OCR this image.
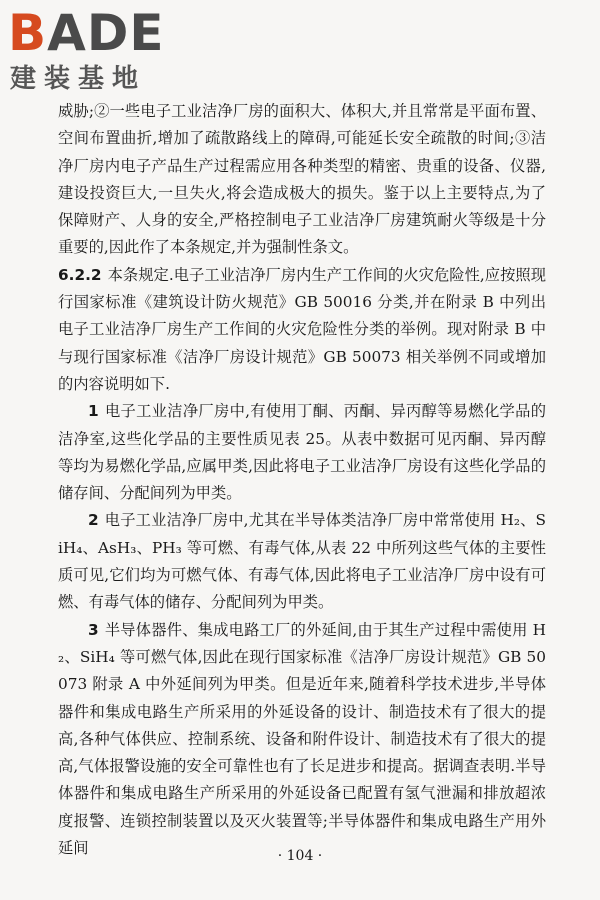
BADE
建装基地

威胁;②一些电子工业洁净厂房的面积大、体积大,并且常常是平面布置、空间布置曲折,增加了疏散路线上的障碍,可能延长安全疏散的时间;③洁净厂房内电子产品生产过程需应用各种类型的精密、贵重的设备、仪器,建设投资巨大,一旦失火,将会造成极大的损失。鉴于以上主要特点,为了保障财产、人身的安全,严格控制电子工业洁净厂房建筑耐火等级是十分重要的,因此作了本条规定,并为强制性条文。

6.2.2 本条规定.电子工业洁净厂房内生产工作间的火灾危险性,应按照现行国家标准《建筑设计防火规范》GB 50016 分类,并在附录 B 中列出电子工业洁净厂房生产工作间的火灾危险性分类的举例。现对附录 B 中与现行国家标准《洁净厂房设计规范》GB 50073 相关举例不同或增加的内容说明如下.

1 电子工业洁净厂房中,有使用丁酮、丙酮、异丙醇等易燃化学品的洁净室,这些化学品的主要性质见表 25。从表中数据可见丙酮、异丙醇等均为易燃化学品,应属甲类,因此将电子工业洁净厂房设有这些化学品的储存间、分配间列为甲类。

2 电子工业洁净厂房中,尤其在半导体类洁净厂房中常常使用 H₂、SiH₄、AsH₃、PH₃ 等可燃、有毒气体,从表 22 中所列这些气体的主要性质可见,它们均为可燃气体、有毒气体,因此将电子工业洁净厂房中设有可燃、有毒气体的储存、分配间列为甲类。

3 半导体器件、集成电路工厂的外延间,由于其生产过程中需使用 H₂、SiH₄ 等可燃气体,因此在现行国家标准《洁净厂房设计规范》GB 50073 附录 A 中外延间列为甲类。但是近年来,随着科学技术进步,半导体器件和集成电路生产所采用的外延设备的设计、制造技术有了很大的提高,各种气体供应、控制系统、设备和附件设计、制造技术有了很大的提高,气体报警设施的安全可靠性也有了长足进步和提高。据调查表明.半导体器件和集成电路生产所采用的外延设备已配置有氢气泄漏和排放超浓度报警、连锁控制装置以及灭火装置等;半导体器件和集成电路生产用外延间	· 104 ·
